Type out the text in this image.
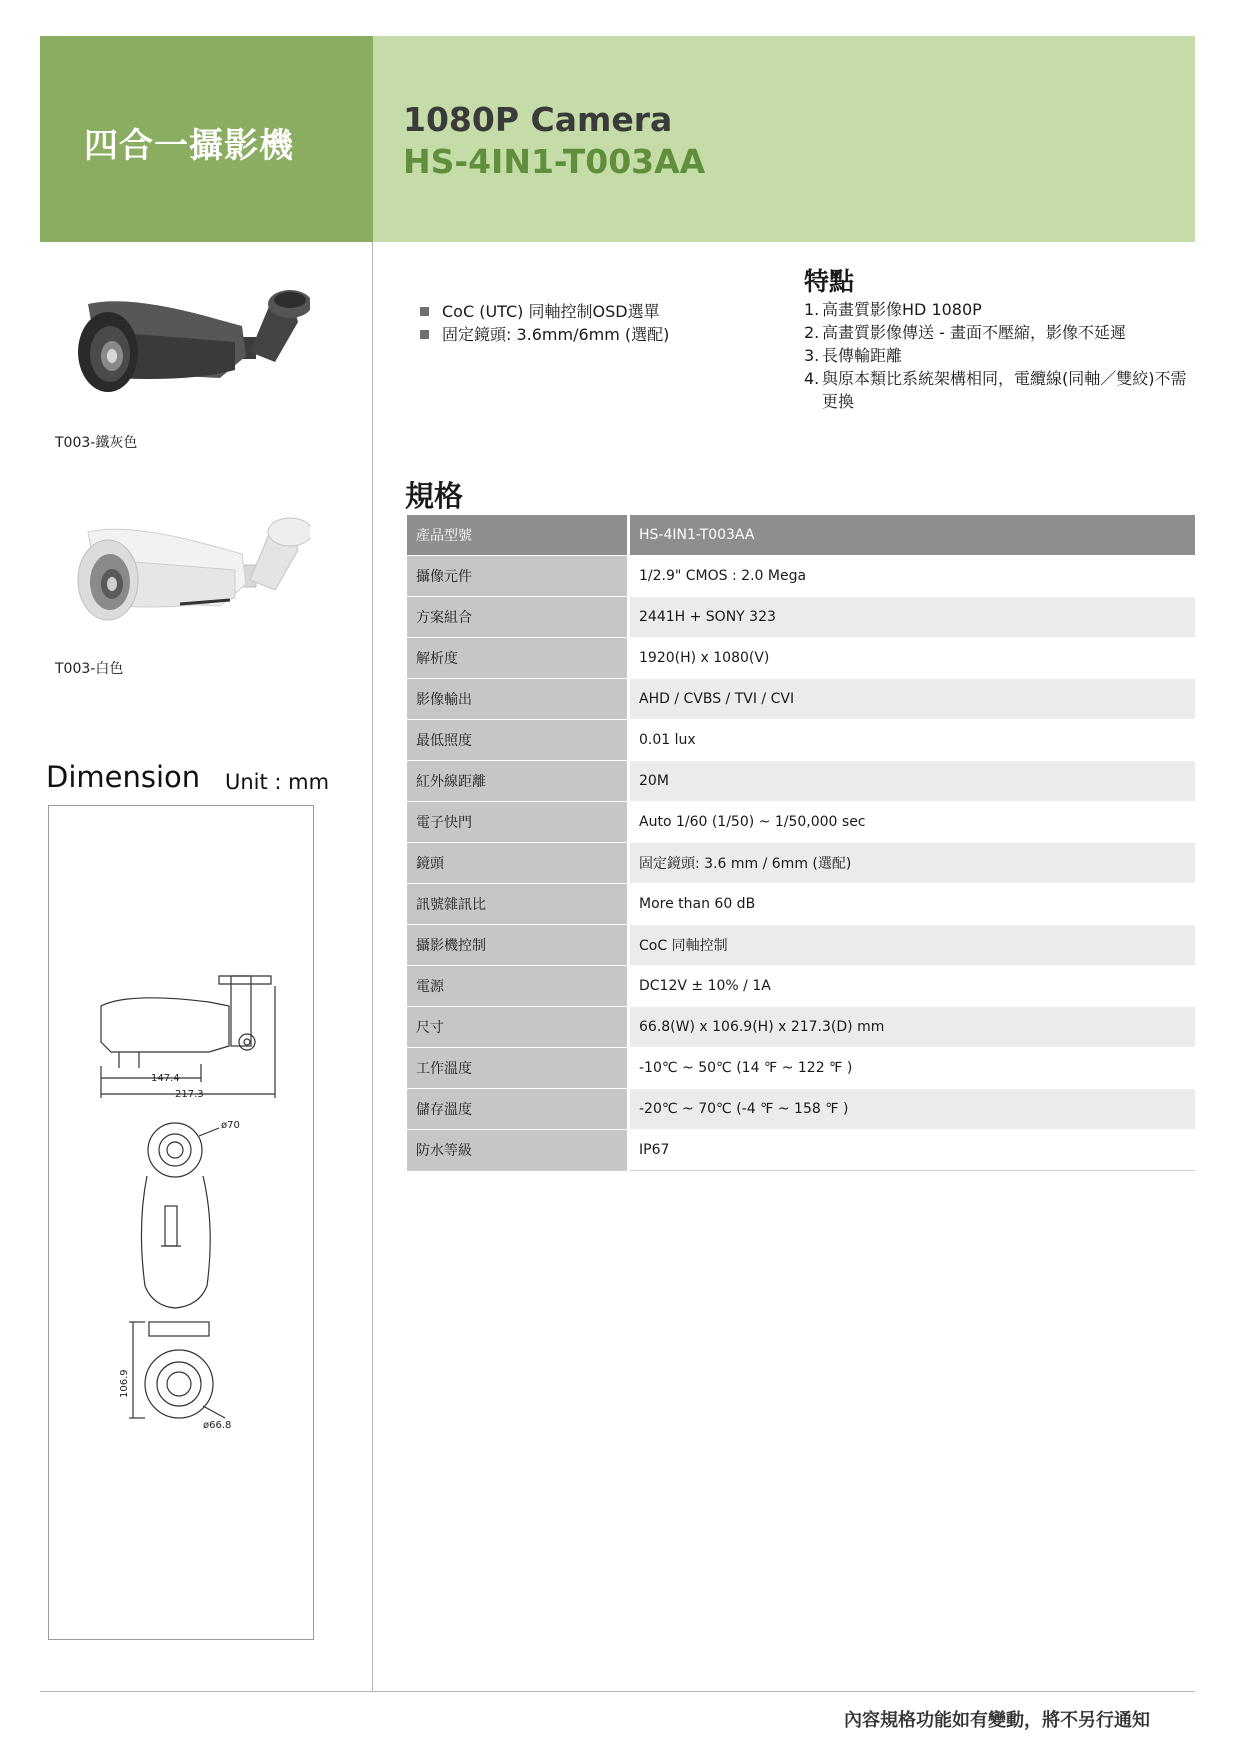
四合一攝影機
1080P Camera
HS-4IN1-T003AA
內容規格功能如有變動，將不另行通知
T003-鐵灰色
T003-白色
Dimension Unit : mm
147.4
217.3
ø70
106.9
ø66.8
CoC (UTC) 同軸控制OSD選單
固定鏡頭: 3.6mm/6mm (選配)
特點
1. 高畫質影像HD 1080P
2. 高畫質影像傳送 - 畫面不壓縮，影像不延遲
3. 長傳輸距離
4. 與原本類比系統架構相同，電纜線(同軸／雙絞)不需更換
規格
產品型號	HS-4IN1-T003AA
攝像元件	1/2.9" CMOS : 2.0 Mega
方案組合	2441H + SONY 323
解析度	1920(H) x 1080(V)
影像輸出	AHD / CVBS / TVI / CVI
最低照度	0.01 lux
紅外線距離	20M
電子快門	Auto 1/60 (1/50) ~ 1/50,000 sec
鏡頭	固定鏡頭: 3.6 mm / 6mm (選配)
訊號雜訊比	More than 60 dB
攝影機控制	CoC 同軸控制
電源	DC12V ± 10% / 1A
尺寸	66.8(W) x 106.9(H) x 217.3(D) mm
工作溫度	-10℃ ~ 50℃ (14 ℉ ~ 122 ℉ )
儲存溫度	-20℃ ~ 70℃ (-4 ℉ ~ 158 ℉ )
防水等級	IP67
